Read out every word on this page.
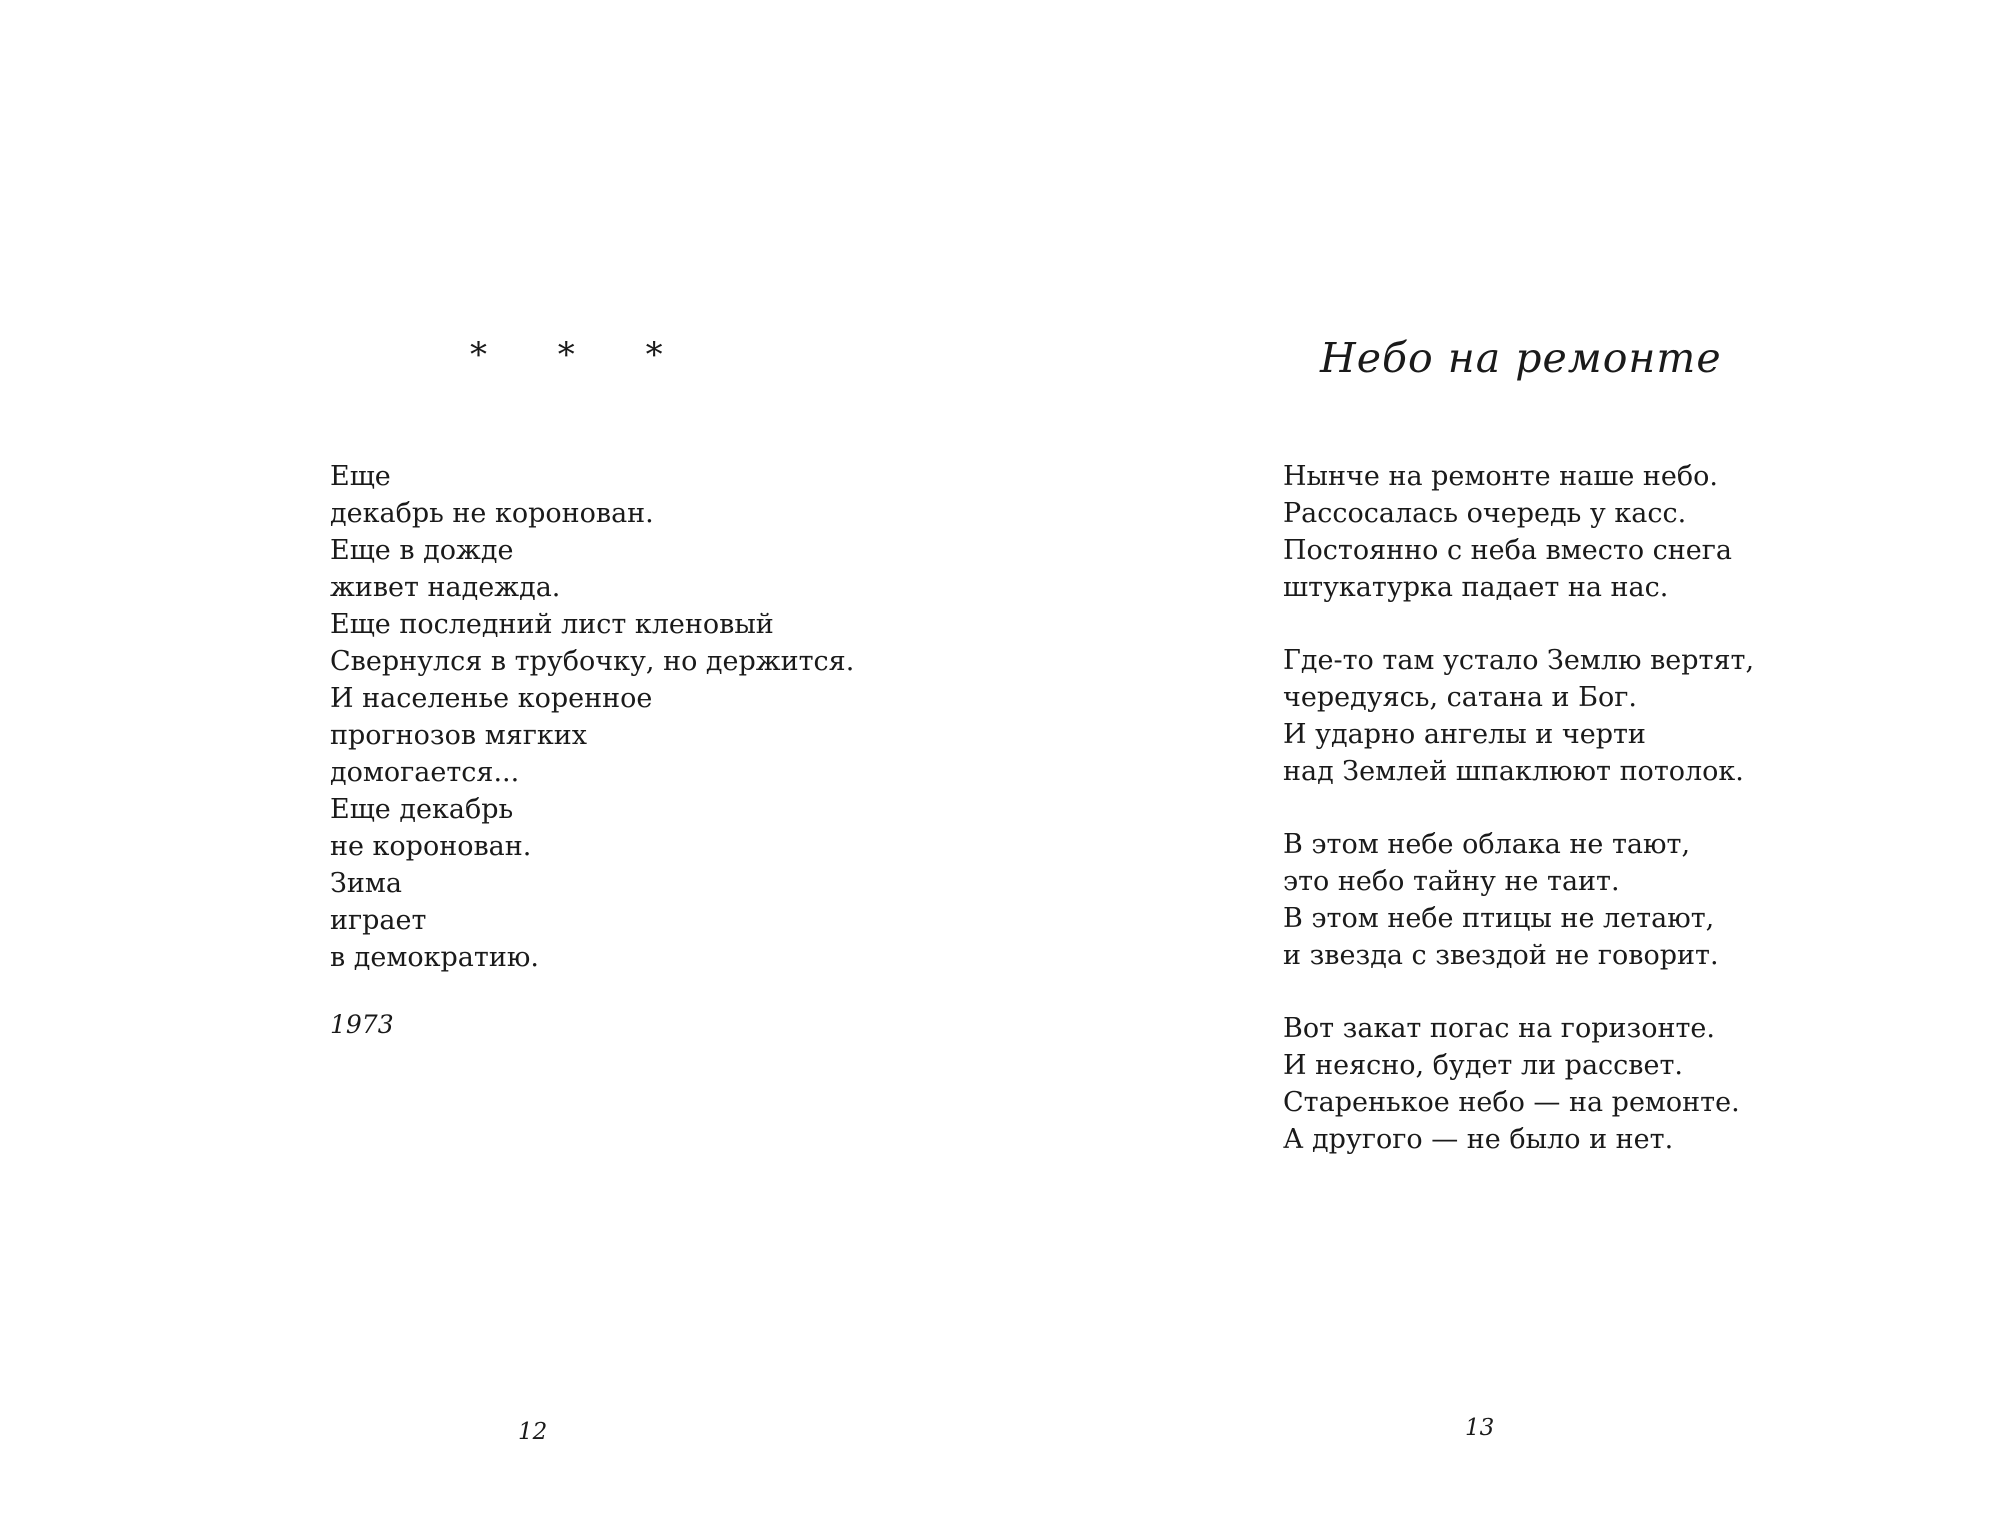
* * *
Еще
декабрь не коронован.
Еще в дожде
живет надежда.
Еще последний лист кленовый
Свернулся в трубочку, но держится.
И населенье коренное
прогнозов мягких
домогается...
Еще декабрь
не коронован.
Зима
играет
в демократию.
1973
12
Небо на ремонте
Нынче на ремонте наше небо.
Рассосалась очередь у касс.
Постоянно с неба вместо снега
штукатурка падает на нас.
Где-то там устало Землю вертят,
чередуясь, сатана и Бог.
И ударно ангелы и черти
над Землей шпаклюют потолок.
В этом небе облака не тают,
это небо тайну не таит.
В этом небе птицы не летают,
и звезда с звездой не говорит.
Вот закат погас на горизонте.
И неясно, будет ли рассвет.
Старенькое небо — на ремонте.
А другого — не было и нет.
13
